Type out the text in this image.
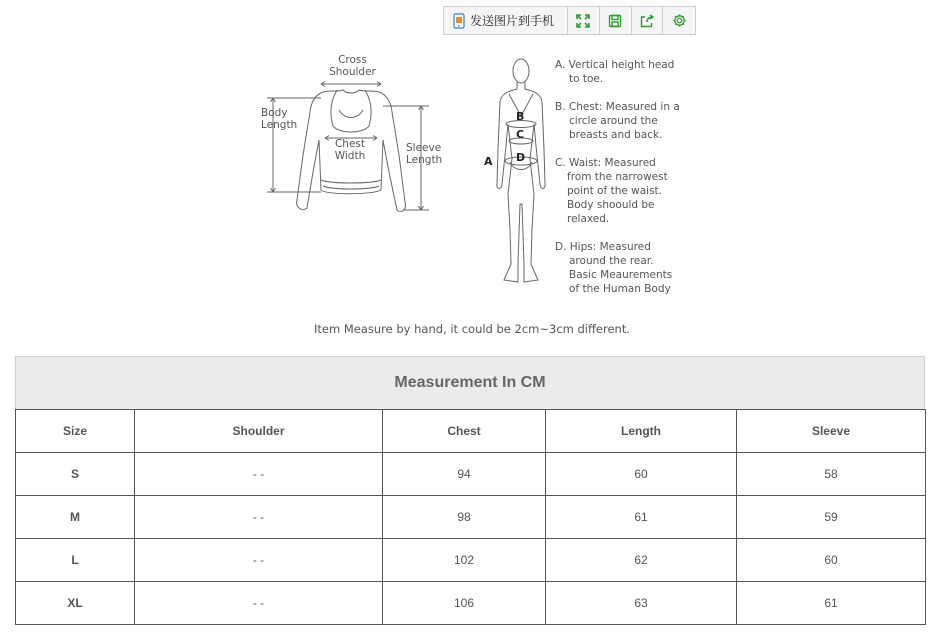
发送图片到手机
Cross
Shoulder
Body
Length
Chest
Width
Sleeve
Length	A
B
C
D
A. Vertical height head
to toe.
B. Chest: Measured in a
circle around the
breasts and back.
C. Waist: Measured
from the narrowest
point of the waist.
Body shoould be
relaxed.
D. Hips: Measured
around the rear.
Basic Meaurements
of the Human Body
Item Measure by hand, it could be 2cm~3cm different.
Measurement In CM
Size	Shoulder	Chest	Length	Sleeve
S	- -	94	60	58
M	- -	98	61	59
L	- -	102	62	60
XL	- -	106	63	61
